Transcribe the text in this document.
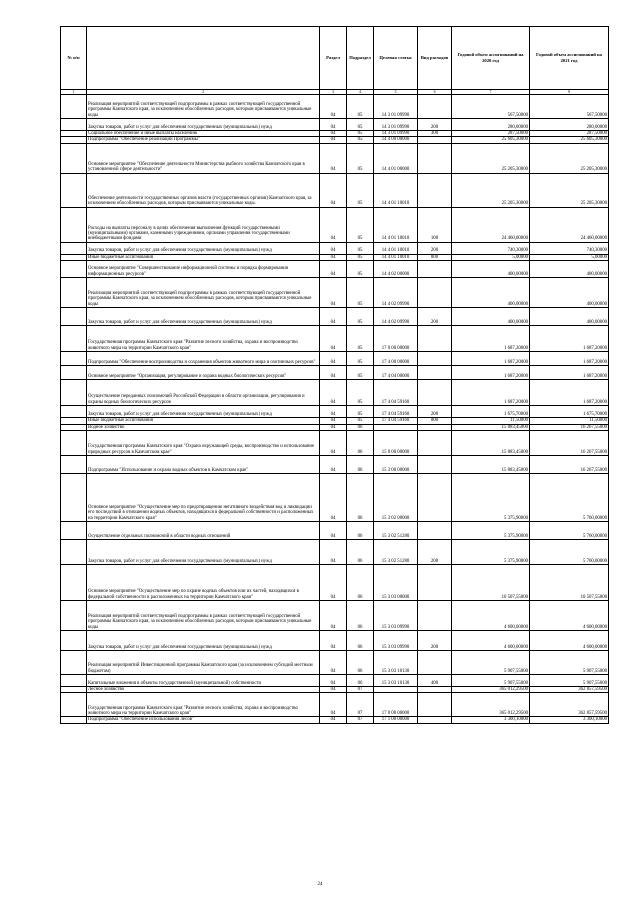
№ п/п		Раздел	Подраздел	Целевая статья	Вид расходов	Годовой объем ассигнований на 2020 год	Годовой объем ассигнований на 2021 год
1	2	3	4	5	6	7	8
	Реализация мероприятий соответствующей подпрограммы в рамках соответствующей государственной программы Камчатского края, за исключением обособленных расходов, которым присваиваются уникальные коды	04	05	14 3 01 09990		567,50000	567,50000
	Закупка товаров, работ и услуг для обеспечения государственных (муниципальных) нужд	04	05	14 3 01 09990	200	280,00000	280,00000
	Социальное обеспечение и иные выплаты населению	04	05	14 3 01 09990	300	287,50000	287,50000
	Подпрограмма "Обеспечение реализации Программы"	04	05	14 4 00 00000		25 605,30000	25 605,30000
	Основное мероприятие "Обеспечение деятельности Министерства рыбного хозяйства Камчатского края в установленной сфере деятельности"	04	05	14 4 01 00000		25 205,30000	25 205,30000
	Обеспечение деятельности государственных органов власти (государственных органов) Камчатского края, за исключением обособленных расходов, которым присваиваются уникальные коды.	04	05	14 4 01 10010		25 205,30000	25 205,30000
	Расходы на выплаты персоналу в целях обеспечения выполнения функций государственными (муниципальными) органами, казенными учреждениями, органами управления государственными внебюджетными фондами	04	05	14 4 01 10010	100	24 460,00000	24 460,00000
	Закупка товаров, работ и услуг для обеспечения государственных (муниципальных) нужд	04	05	14 4 01 10010	200	740,30000	740,30000
	Иные бюджетные ассигнования	04	05	14 4 01 10010	800	5,00000	5,00000
	Основное мероприятие "Совершенствование информационной системы и порядка формирования информационных ресурсов"	04	05	14 4 02 00000		400,00000	400,00000
	Реализация мероприятий соответствующей подпрограммы в рамках соответствующей государственной программы Камчатского края, за исключением обособленных расходов, которым присваиваются уникальные коды	04	05	14 4 02 09990		400,00000	400,00000
	Закупка товаров, работ и услуг для обеспечения государственных (муниципальных) нужд	04	05	14 4 02 09990	200	400,00000	400,00000
	Государственная программа Камчатского края "Развитие лесного хозяйства, охрана и воспроизводство животного мира на территории Камчатского края"	04	05	17 0 00 00000		1 687,20000	1 687,20000
	Подпрограмма "Обеспечение воспроизводства и сохранения объектов животного мира и охотничьих ресурсов"	04	05	17 4 00 00000		1 687,20000	1 687,20000
	Основное мероприятие "Организация, регулирование и охрана водных биологических ресурсов"	04	05	17 4 04 00000		1 687,20000	1 687,20000
	Осуществление переданных полномочий Российской Федерации в области организации, регулирования и охраны водных биологических ресурсов	04	05	17 4 04 59160		1 687,20000	1 687,20000
	Закупка товаров, работ и услуг для обеспечения государственных (муниципальных) нужд	04	05	17 4 04 59160	200	1 675,70000	1 675,70000
	Иные бюджетные ассигнования	04	05	17 4 04 59160	800	11,50000	11,50000
	Водное хозяйство	04	06			15 883,45000	16 267,55000
	Государственная программа Камчатского края "Охрана окружающей среды, воспроизводство и использование природных ресурсов в Камчатском крае"	04	06	15 0 00 00000		15 883,45000	16 267,55000
	Подпрограмма "Использование и охрана водных объектов в Камчатском крае"	04	06	15 3 00 00000		15 883,45000	16 267,55000
	Основное мероприятие "Осуществление мер по предотвращению негативного воздействия вод и ликвидации его последствий в отношении водных объектов, находящихся в федеральной собственности и расположенных на территории Камчатского края"	04	06	15 3 02 00000		5 375,90000	5 760,00000
	Осуществление отдельных полномочий в области водных отношений	04	06	15 3 02 51280		5 375,90000	5 760,00000
	Закупка товаров, работ и услуг для обеспечения государственных (муниципальных) нужд	04	06	15 3 02 51280	200	5 375,90000	5 760,00000
	Основное мероприятие "Осуществление мер по охране водных объектов или их частей, находящихся в федеральной собственности и расположенных на территории Камчатского края"	04	06	15 3 03 00000		10 507,55000	10 507,55000
	Реализация мероприятий соответствующей подпрограммы в рамках соответствующей государственной программы Камчатского края, за исключением обособленных расходов, которым присваиваются уникальные коды	04	06	15 3 03 09990		4 600,00000	4 600,00000
	Закупка товаров, работ и услуг для обеспечения государственных (муниципальных) нужд	04	06	15 3 03 09990	200	4 600,00000	4 600,00000
	Реализация мероприятий Инвестиционной программы Камчатского края (за исключением субсидий местным бюджетам)	04	06	15 3 03 10130		5 907,55000	5 907,55000
	Капитальные вложения в объекты государственной (муниципальной) собственности	04	06	15 3 03 10130	400	5 907,55000	5 907,55000
	Лесное хозяйство	04	07			365 012,29500	362 857,59500
	Государственная программа Камчатского края "Развитие лесного хозяйства, охрана и воспроизводство животного мира на территории Камчатского края"	04	07	17 0 00 00000		365 012,29500	362 857,59500
	Подпрограмма "Обеспечение использования лесов"	04	07	17 1 00 00000		3 300,10000	3 300,10000
24
